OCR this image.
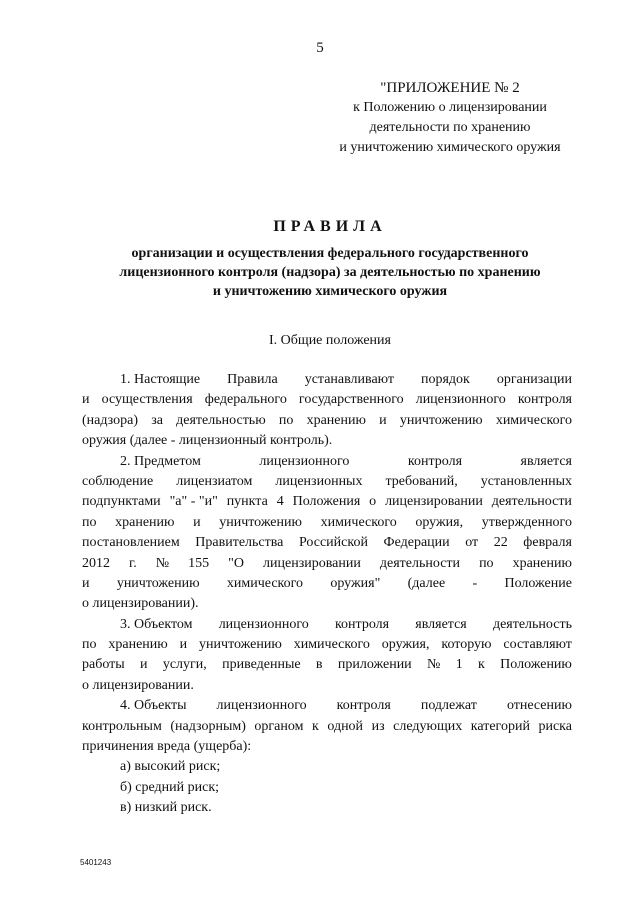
5
"ПРИЛОЖЕНИЕ № 2
к Положению о лицензировании
деятельности по хранению
и уничтожению химического оружия
ПРАВИЛА
организации и осуществления федерального государственного
лицензионного контроля (надзора) за деятельностью по хранению
и уничтожению химического оружия
I. Общие положения
1. Настоящие Правила устанавливают порядок организации
и осуществления федерального государственного лицензионного контроля
(надзора) за деятельностью по хранению и уничтожению химического
оружия (далее - лицензионный контроль).
2. Предметом	лицензионного	контроля	является
соблюдение лицензиатом лицензионных требований, установленных
подпунктами "а" - "и" пункта 4 Положения о лицензировании деятельности
по хранению и уничтожению химического оружия, утвержденного
постановлением Правительства Российской Федерации от 22 февраля
2012 г. № 155 "О лицензировании деятельности по хранению
и уничтожению химического оружия" (далее - Положение
о лицензировании).
3. Объектом лицензионного контроля является деятельность
по хранению и уничтожению химического оружия, которую составляют
работы и услуги, приведенные в приложении № 1 к Положению
о лицензировании.
4. Объекты лицензионного контроля подлежат отнесению
контрольным (надзорным) органом к одной из следующих категорий риска
причинения вреда (ущерба):
а) высокий риск;
б) средний риск;
в) низкий риск.
5401243
